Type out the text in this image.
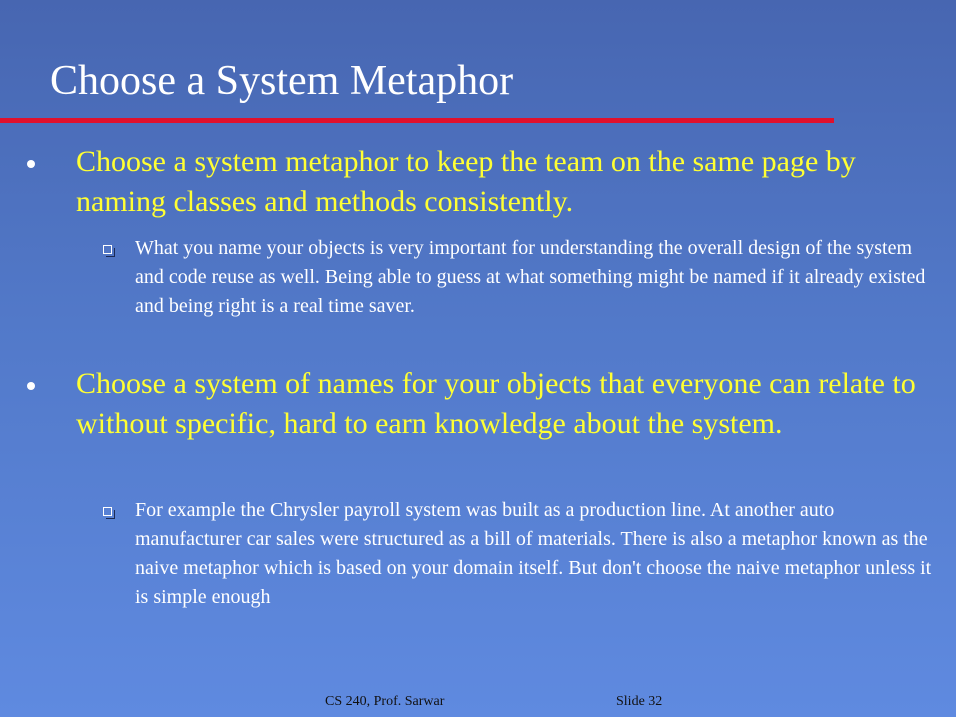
Choose a System Metaphor
Choose a system metaphor to keep the team on the same page by naming classes and methods consistently.
What you name your objects is very important for understanding the overall design of the system and code reuse as well. Being able to guess at what something might be named if it already existed and being right is a real time saver.
Choose a system of names for your objects that everyone can relate to without specific, hard to earn knowledge about the system.
For example the Chrysler payroll system was built as a production line. At another auto manufacturer car sales were structured as a bill of materials. There is also a metaphor known as the naive metaphor which is based on your domain itself. But don't choose the naive metaphor unless it is simple enough
CS 240, Prof. Sarwar	Slide 32
